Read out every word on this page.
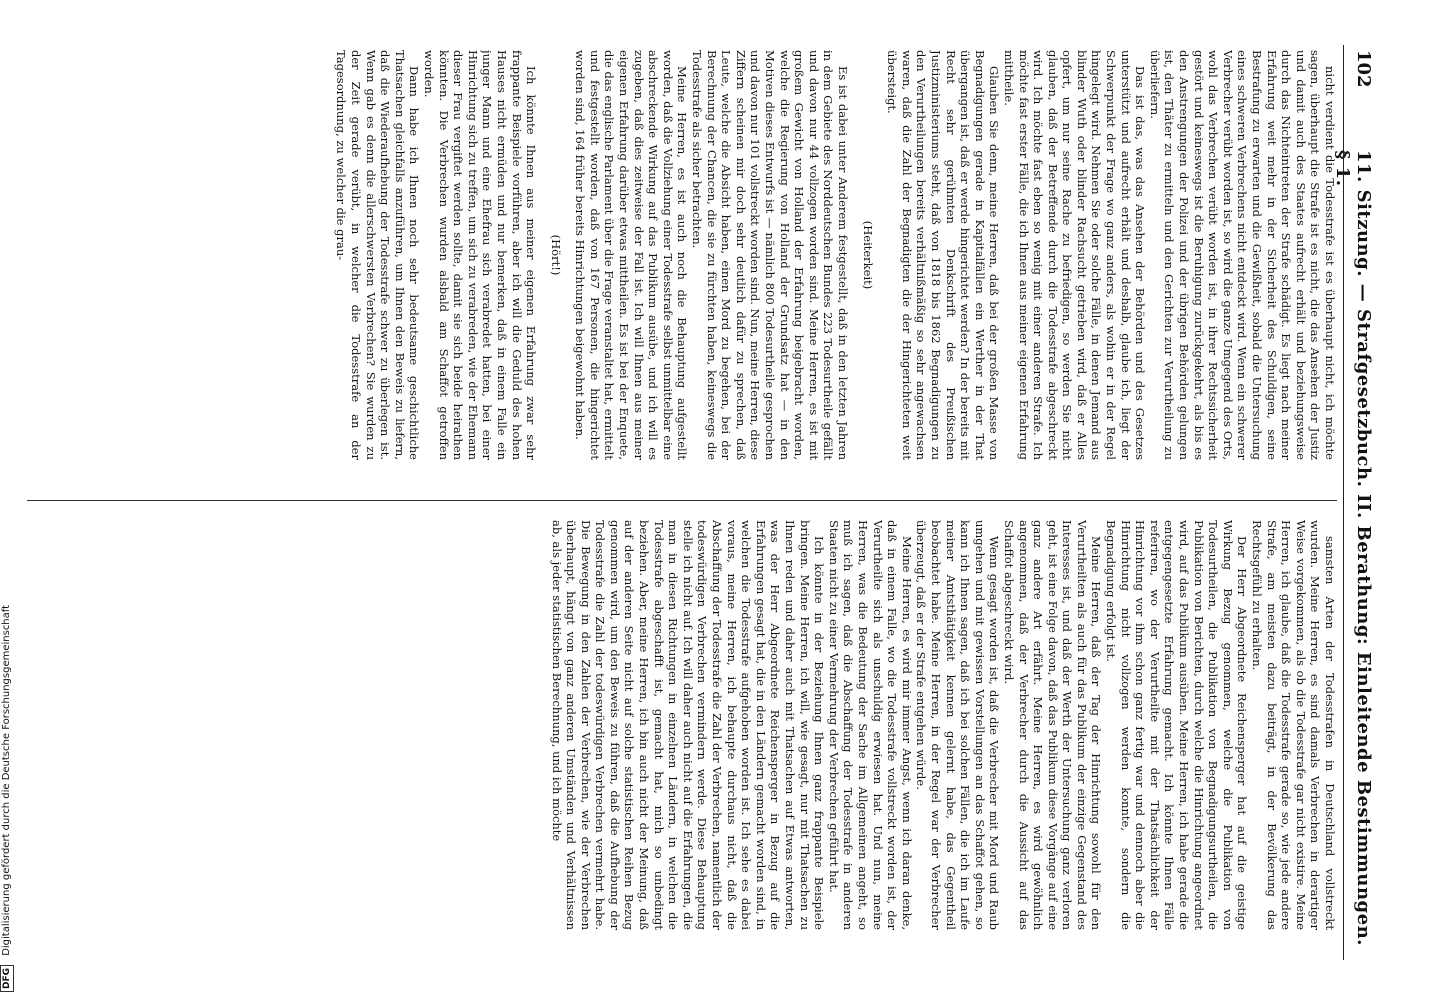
102
11. Sitzung. — Strafgesetzbuch. II. Berathung: Einleitende Bestimmungen. § 1.

nicht verdient die Todesstrafe ist es überhaupt nicht, ich möchte sagen, überhaupt die Strafe ist es nicht, die das Ansehen der Justiz und damit auch des Staates aufrecht erhält und beziehungsweise durch das Nichteintreten der Strafe schädigt. Es liegt nach meiner Erfahrung weit mehr in der Sicherheit des Schuldigen, seine Bestrafung zu erwarten und die Gewißheit, sobald die Untersuchung eines schweren Verbrechens nicht entdeckt wird. Wenn ein schwerer Verbrecher verübt worden ist, so wird die ganze Umgegend des Orts, wohl das Verbrechen verübt worden ist, in ihrer Rechtssicherheit gestört und keineswegs ist die Beruhigung zurückgekehrt, als bis es den Anstrengungen der Polizei und der übrigen Behörden gelungen ist, den Thäter zu ermitteln und den Gerichten zur Verurtheilung zu überliefern.

Das ist das, was das Ansehen der Behörden und des Gesetzes unterstützt und aufrecht erhält und deshalb, glaube ich, liegt der Schwerpunkt der Frage wo ganz anders, als wohin er in der Regel hingelegt wird. Nehmen Sie oder solche Fälle, in denen Jemand aus blinder Wuth oder blinder Rachsucht getrieben wird, daß er Alles opfert, um nur seine Rache zu befriedigen, so werden Sie nicht glauben, daß der Betreffende durch die Todesstrafe abgeschreckt wird. Ich möchte fast eben so wenig mit einer anderen Strafe. Ich möchte fast erster Fälle, die ich Ihnen aus meiner eigenen Erfahrung mittheile.

Glauben Sie denn, meine Herren, daß bei der großen Masse von Begnadigungen gerade in Kapitalfällen ein Werther in der That übergangen ist, daß er werde hingerichtet werden? In der bereits mit Recht sehr gerühmten Denkschrift des Preußischen Justizministeriums steht, daß von 1818 bis 1862 Begnadigungen zu den Verurtheilungen bereits verhältnißmäßig so sehr angewachsen waren, daß die Zahl der Begnadigten die der Hingerichteten weit übersteigt.

(Heiterkeit)

Es ist dabei unter Anderem festgestellt, daß in den letzten Jahren in dem Gebiete des Norddeutschen Bundes 223 Todesurtheile gefällt und davon nur 44 vollzogen worden sind. Meine Herren, es ist mit großem Gewicht von Holland der Erfahrung beigebracht worden, welche die Regierung von Holland der Grundsatz hat — in den Motiven dieses Entwurfs ist — nämlich 800 Todesurtheile gesprochen und davon nur 101 vollstreckt worden sind. Nun, meine Herren, diese Ziffern scheinen mir doch sehr deutlich dafür zu sprechen, daß Leute, welche die Absicht haben, einen Mord zu begehen, bei der Berechnung der Chancen, die sie zu fürchten haben, keineswegs die Todesstrafe als sicher betrachten.

Meine Herren, es ist auch noch die Behauptung aufgestellt worden, daß die Vollziehung einer Todesstrafe selbst unmittelbar eine abschreckende Wirkung auf das Publikum ausübe, und ich will es zugeben, daß dies zeitweise der Fall ist. Ich will Ihnen aus meiner eigenen Erfahrung darüber etwas mittheilen. Es ist bei der Enquete, die das englische Parlament über die Frage veranstaltet hat, ermittelt und festgestellt worden, daß von 167 Personen, die hingerichtet worden sind, 164 früher bereits Hinrichtungen beigewohnt haben.

(Hört!)

Ich könnte Ihnen aus meiner eigenen Erfahrung zwar sehr frappante Beispiele vorführen, aber ich will die Geduld des hohen Hauses nicht ermüden und nur bemerken, daß in einem Falle ein junger Mann und eine Ehefrau sich verabredet hatten, bei einer Hinrichtung sich zu treffen, um sich zu verabreden, wie der Ehemann dieser Frau vergiftet werden sollte, damit sie sich beide heirathen könnten. Die Verbrechen wurden alsbald am Schaffot getroffen worden.

Dann habe ich Ihnen noch sehr bedeutsame geschichtliche Thatsachen gleichfalls anzuführen, um Ihnen den Beweis zu liefern, daß die Wiederaufhebung der Todesstrafe schwer zu überlegen ist. Wenn gab es denn die allerschwersten Verbrechen? Sie wurden zu der Zeit gerade verübt, in welcher die Todesstrafe an der Tagesordnung, zu welcher die grau-

samsten Arten der Todesstrafen in Deutschland vollstreckt wurden. Meine Herren, es sind damals Verbrechen in derartiger Weise vorgekommen, als ob die Todesstrafe gar nicht existire. Meine Herren, ich glaube, daß die Todesstrafe gerade so, wie jede andere Strafe, am meisten dazu beiträgt, in der Bevölkerung das Rechtsgefühl zu erhalten.

Der Herr Abgeordnete Reichensperger hat auf die geistige Wirkung Bezug genommen, welche die Publikation von Todesurtheilen, die Publikation von Begnadigungsurtheilen, die Publikation von Berichten, durch welche die Hinrichtung angeordnet wird, auf das Publikum ausüben. Meine Herren, ich habe gerade die entgegengesetzte Erfahrung gemacht. Ich könnte Ihnen Fälle referiren, wo der Verurtheilte mit der Thatsächlichkeit der Hinrichtung vor ihm schon ganz fertig war und dennoch aber die Hinrichtung nicht vollzogen werden konnte, sondern die Begnadigung erfolgt ist.

Meine Herren, daß der Tag der Hinrichtung sowohl für den Verurtheilten als auch für das Publikum der einzige Gegenstand des Interesses ist, und daß der Werth der Untersuchung ganz verloren geht, ist eine Folge davon, daß das Publikum diese Vorgänge auf eine ganz andere Art erfährt. Meine Herren, es wird gewöhnlich angenommen, daß der Verbrecher durch die Aussicht auf das Schaffot abgeschreckt wird.

Wenn gesagt worden ist, daß die Verbrecher mit Mord und Raub umgehen und mit gewissen Vorstellungen an das Schaffot gehen, so kann ich Ihnen sagen, daß ich bei solchen Fällen, die ich im Laufe meiner Amtsthätigkeit kennen gelernt habe, das Gegentheil beobachtet habe. Meine Herren, in der Regel war der Verbrecher überzeugt, daß er der Strafe entgehen würde.

Meine Herren, es wird mir immer Angst, wenn ich daran denke, daß in einem Falle, wo die Todesstrafe vollstreckt worden ist, der Verurtheilte sich als unschuldig erwiesen hat. Und nun, meine Herren, was die Bedeutung der Sache im Allgemeinen angeht, so muß ich sagen, daß die Abschaffung der Todesstrafe in anderen Staaten nicht zu einer Vermehrung der Verbrechen geführt hat.

Ich könnte in der Beziehung Ihnen ganz frappante Beispiele bringen. Meine Herren, ich will, wie gesagt, nur mit Thatsachen zu Ihnen reden und daher auch mit Thatsachen auf Etwas antworten, was der Herr Abgeordnete Reichensperger in Bezug auf die Erfahrungen gesagt hat, die in den Ländern gemacht worden sind, in welchen die Todesstrafe aufgehoben worden ist. Ich sehe es dabei voraus, meine Herren, ich behaupte durchaus nicht, daß die Abschaffung der Todesstrafe die Zahl der Verbrechen, namentlich der todeswürdigen Verbrechen vermindern werde. Diese Behauptung stelle ich nicht auf. Ich will daher auch nicht auf die Erfahrungen, die man in diesen Richtungen in einzelnen Ländern, in welchen die Todesstrafe abgeschafft ist, gemacht hat, mich so unbedingt beziehen. Aber, meine Herren, ich bin auch nicht der Meinung, daß auf der anderen Seite nicht auf solche statistischen Reihen Bezug genommen wird, um den Beweis zu führen, daß die Aufhebung der Todesstrafe die Zahl der todeswürdigen Verbrechen vermehrt habe. Die Bewegung in den Zahlen der Verbrechen, wie der Verbrechen überhaupt, hängt von ganz anderen Umständen und Verhältnissen ab, als jeder statistischen Berechnung, und ich möchte

DFG Digitalisierung gefördert durch die Deutsche Forschungsgemeinschaft
